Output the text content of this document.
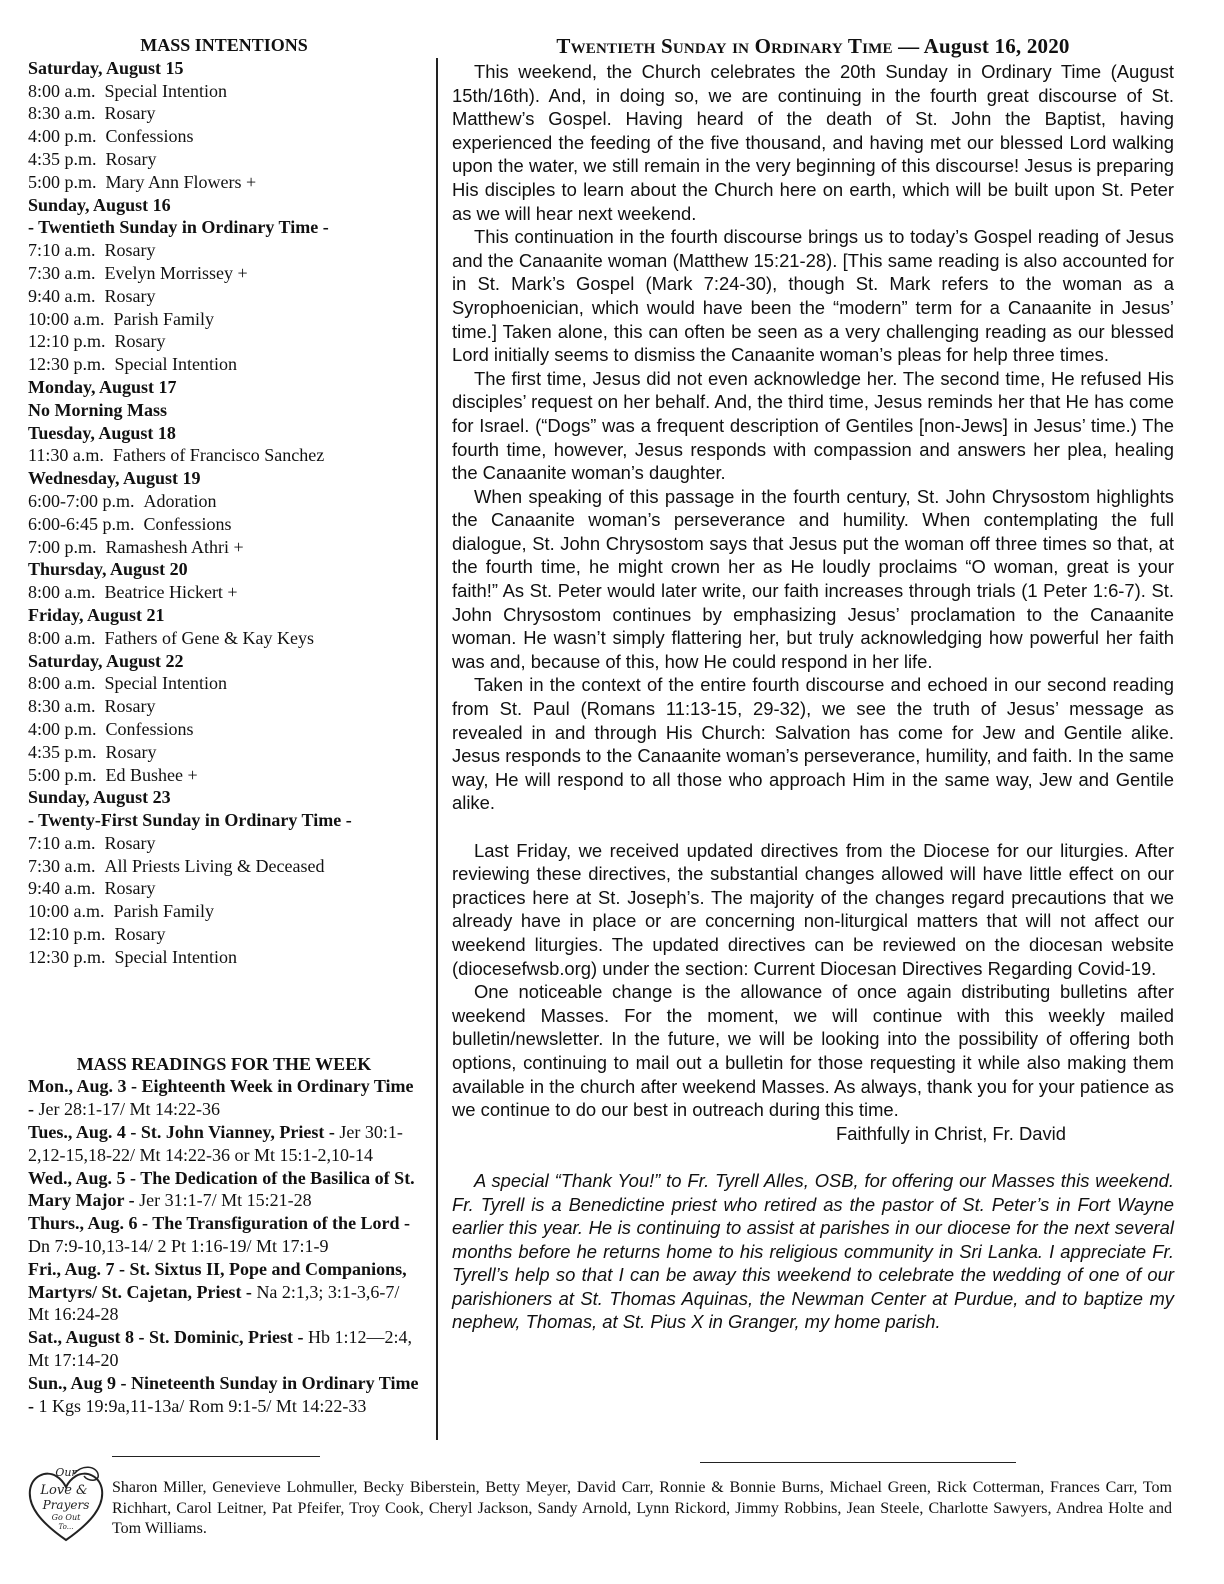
MASS INTENTIONS
Saturday, August 15
8:00 a.m. Special Intention
8:30 a.m. Rosary
4:00 p.m. Confessions
4:35 p.m. Rosary
5:00 p.m. Mary Ann Flowers +
Sunday, August 16
- Twentieth Sunday in Ordinary Time -
7:10 a.m. Rosary
7:30 a.m. Evelyn Morrissey +
9:40 a.m. Rosary
10:00 a.m. Parish Family
12:10 p.m. Rosary
12:30 p.m. Special Intention
Monday, August 17
No Morning Mass
Tuesday, August 18
11:30 a.m. Fathers of Francisco Sanchez
Wednesday, August 19
6:00-7:00 p.m. Adoration
6:00-6:45 p.m. Confessions
7:00 p.m. Ramashesh Athri +
Thursday, August 20
8:00 a.m. Beatrice Hickert +
Friday, August 21
8:00 a.m. Fathers of Gene & Kay Keys
Saturday, August 22
8:00 a.m. Special Intention
8:30 a.m. Rosary
4:00 p.m. Confessions
4:35 p.m. Rosary
5:00 p.m. Ed Bushee +
Sunday, August 23
- Twenty-First Sunday in Ordinary Time -
7:10 a.m. Rosary
7:30 a.m. All Priests Living & Deceased
9:40 a.m. Rosary
10:00 a.m. Parish Family
12:10 p.m. Rosary
12:30 p.m. Special Intention
MASS READINGS FOR THE WEEK
Mon., Aug. 3 - Eighteenth Week in Ordinary Time - Jer 28:1-17/ Mt 14:22-36
Tues., Aug. 4 - St. John Vianney, Priest - Jer 30:1-2,12-15,18-22/ Mt 14:22-36 or Mt 15:1-2,10-14
Wed., Aug. 5 - The Dedication of the Basilica of St. Mary Major - Jer 31:1-7/ Mt 15:21-28
Thurs., Aug. 6 - The Transfiguration of the Lord - Dn 7:9-10,13-14/ 2 Pt 1:16-19/ Mt 17:1-9
Fri., Aug. 7 - St. Sixtus II, Pope and Companions, Martyrs/ St. Cajetan, Priest - Na 2:1,3; 3:1-3,6-7/ Mt 16:24-28
Sat., August 8 - St. Dominic, Priest - Hb 1:12—2:4, Mt 17:14-20
Sun., Aug 9 - Nineteenth Sunday in Ordinary Time - 1 Kgs 19:9a,11-13a/ Rom 9:1-5/ Mt 14:22-33
Twentieth Sunday in Ordinary Time — August 16, 2020

This weekend, the Church celebrates the 20th Sunday in Ordinary Time (August 15th/16th). And, in doing so, we are continuing in the fourth great discourse of St. Matthew’s Gospel. Having heard of the death of St. John the Baptist, having experienced the feeding of the five thousand, and having met our blessed Lord walking upon the water, we still remain in the very beginning of this discourse! Jesus is preparing His disciples to learn about the Church here on earth, which will be built upon St. Peter as we will hear next weekend.

This continuation in the fourth discourse brings us to today’s Gospel reading of Jesus and the Canaanite woman (Matthew 15:21-28). [This same reading is also accounted for in St. Mark’s Gospel (Mark 7:24-30), though St. Mark refers to the woman as a Syrophoenician, which would have been the “modern” term for a Canaanite in Jesus’ time.] Taken alone, this can often be seen as a very challenging reading as our blessed Lord initially seems to dismiss the Canaanite woman’s pleas for help three times.

The first time, Jesus did not even acknowledge her. The second time, He refused His disciples’ request on her behalf. And, the third time, Jesus reminds her that He has come for Israel. (“Dogs” was a frequent description of Gentiles [non-Jews] in Jesus’ time.) The fourth time, however, Jesus responds with compassion and answers her plea, healing the Canaanite woman’s daughter.

When speaking of this passage in the fourth century, St. John Chrysostom highlights the Canaanite woman’s perseverance and humility. When contemplating the full dialogue, St. John Chrysostom says that Jesus put the woman off three times so that, at the fourth time, he might crown her as He loudly proclaims “O woman, great is your faith!” As St. Peter would later write, our faith increases through trials (1 Peter 1:6-7). St. John Chrysostom continues by emphasizing Jesus’ proclamation to the Canaanite woman. He wasn’t simply flattering her, but truly acknowledging how powerful her faith was and, because of this, how He could respond in her life.

Taken in the context of the entire fourth discourse and echoed in our second reading from St. Paul (Romans 11:13-15, 29-32), we see the truth of Jesus’ message as revealed in and through His Church: Salvation has come for Jew and Gentile alike. Jesus responds to the Canaanite woman’s perseverance, humility, and faith. In the same way, He will respond to all those who approach Him in the same way, Jew and Gentile alike.

Last Friday, we received updated directives from the Diocese for our liturgies. After reviewing these directives, the substantial changes allowed will have little effect on our practices here at St. Joseph’s. The majority of the changes regard precautions that we already have in place or are concerning non-liturgical matters that will not affect our weekend liturgies. The updated directives can be reviewed on the diocesan website (diocesefwsb.org) under the section: Current Diocesan Directives Regarding Covid-19.

One noticeable change is the allowance of once again distributing bulletins after weekend Masses. For the moment, we will continue with this weekly mailed bulletin/newsletter. In the future, we will be looking into the possibility of offering both options, continuing to mail out a bulletin for those requesting it while also making them available in the church after weekend Masses. As always, thank you for your patience as we continue to do our best in outreach during this time.

Faithfully in Christ, Fr. David

A special “Thank You!” to Fr. Tyrell Alles, OSB, for offering our Masses this weekend. Fr. Tyrell is a Benedictine priest who retired as the pastor of St. Peter’s in Fort Wayne earlier this year. He is continuing to assist at parishes in our diocese for the next several months before he returns home to his religious community in Sri Lanka. I appreciate Fr. Tyrell’s help so that I can be away this weekend to celebrate the wedding of one of our parishioners at St. Thomas Aquinas, the Newman Center at Purdue, and to baptize my nephew, Thomas, at St. Pius X in Granger, my home parish.

Our
Love &
Prayers
Go Out
To...
Sharon Miller, Genevieve Lohmuller, Becky Biberstein, Betty Meyer, David Carr, Ronnie & Bonnie Burns, Michael Green, Rick Cotterman, Frances Carr, Tom Richhart, Carol Leitner, Pat Pfeifer, Troy Cook, Cheryl Jackson, Sandy Arnold, Lynn Rickord, Jimmy Robbins, Jean Steele, Charlotte Sawyers, Andrea Holte and Tom Williams.
